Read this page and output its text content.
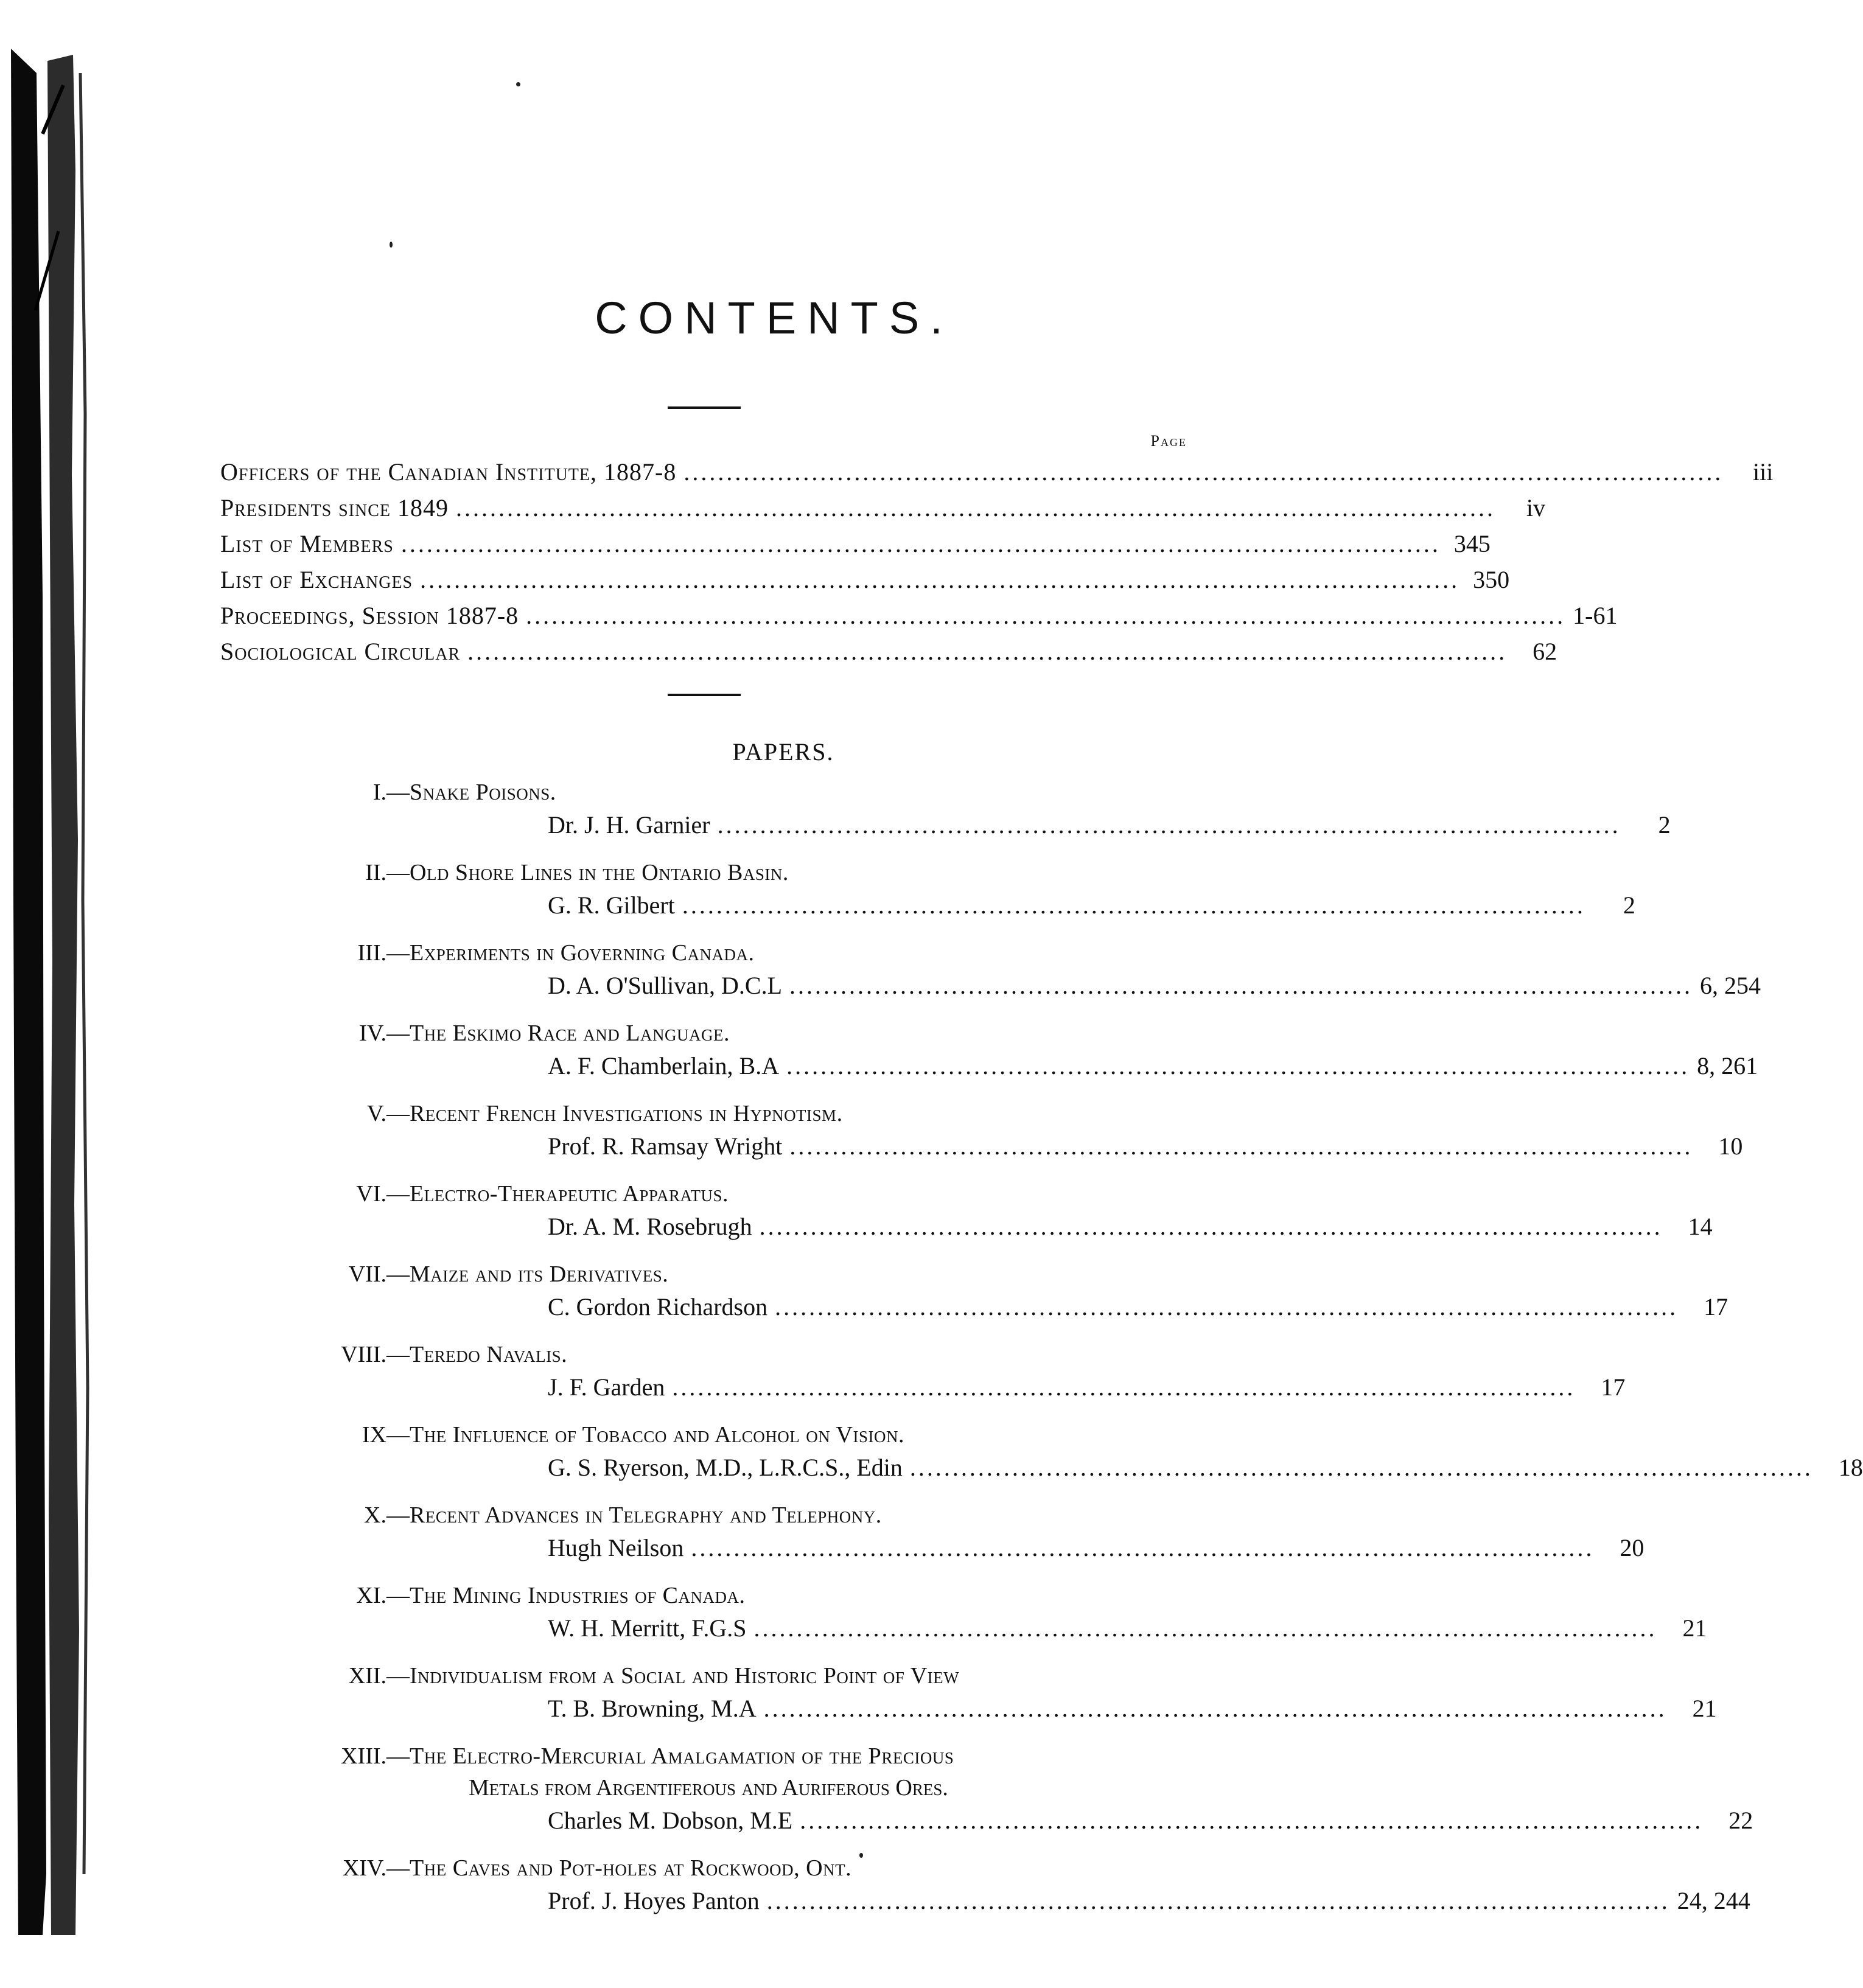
CONTENTS.
Page
Officers of the Canadian Institute, 1887-8 ..........................................................................................................................	iii
Presidents since 1849 ..........................................................................................................................	iv
List of Members .......................................................................................................................... 345
List of Exchanges .......................................................................................................................... 350
Proceedings, Session 1887-8 .......................................................................................................................... 1-61
Sociological Circular ..........................................................................................................................	62
PAPERS.
I. — Snake Poisons.
Dr. J. H. Garnier ..........................................................................................................	2
II. — Old Shore Lines in the Ontario Basin.
G. R. Gilbert ..........................................................................................................	2
III. — Experiments in Governing Canada.
D. A. O'Sullivan, D.C.L .......................................................................................................... 6, 254
IV. — The Eskimo Race and Language.
A. F. Chamberlain, B.A .......................................................................................................... 8, 261
V. — Recent French Investigations in Hypnotism.
Prof. R. Ramsay Wright ..........................................................................................................	10
VI. — Electro-Therapeutic Apparatus.
Dr. A. M. Rosebrugh ..........................................................................................................	14
VII. — Maize and its Derivatives.
C. Gordon Richardson ..........................................................................................................	17
VIII. — Teredo Navalis.
J. F. Garden ..........................................................................................................	17
IX — The Influence of Tobacco and Alcohol on Vision.
G. S. Ryerson, M.D., L.R.C.S., Edin ..........................................................................................................	18
X. — Recent Advances in Telegraphy and Telephony.
Hugh Neilson ..........................................................................................................	20
XI. — The Mining Industries of Canada.
W. H. Merritt, F.G.S ..........................................................................................................	21
XII. — Individualism from a Social and Historic Point of View
T. B. Browning, M.A ..........................................................................................................	21
XIII. — The Electro-Mercurial Amalgamation of the Precious
Metals from Argentiferous and Auriferous Ores.
Charles M. Dobson, M.E ..........................................................................................................	22
XIV. — The Caves and Pot-holes at Rockwood, Ont.
Prof. J. Hoyes Panton .......................................................................................................... 24, 244
